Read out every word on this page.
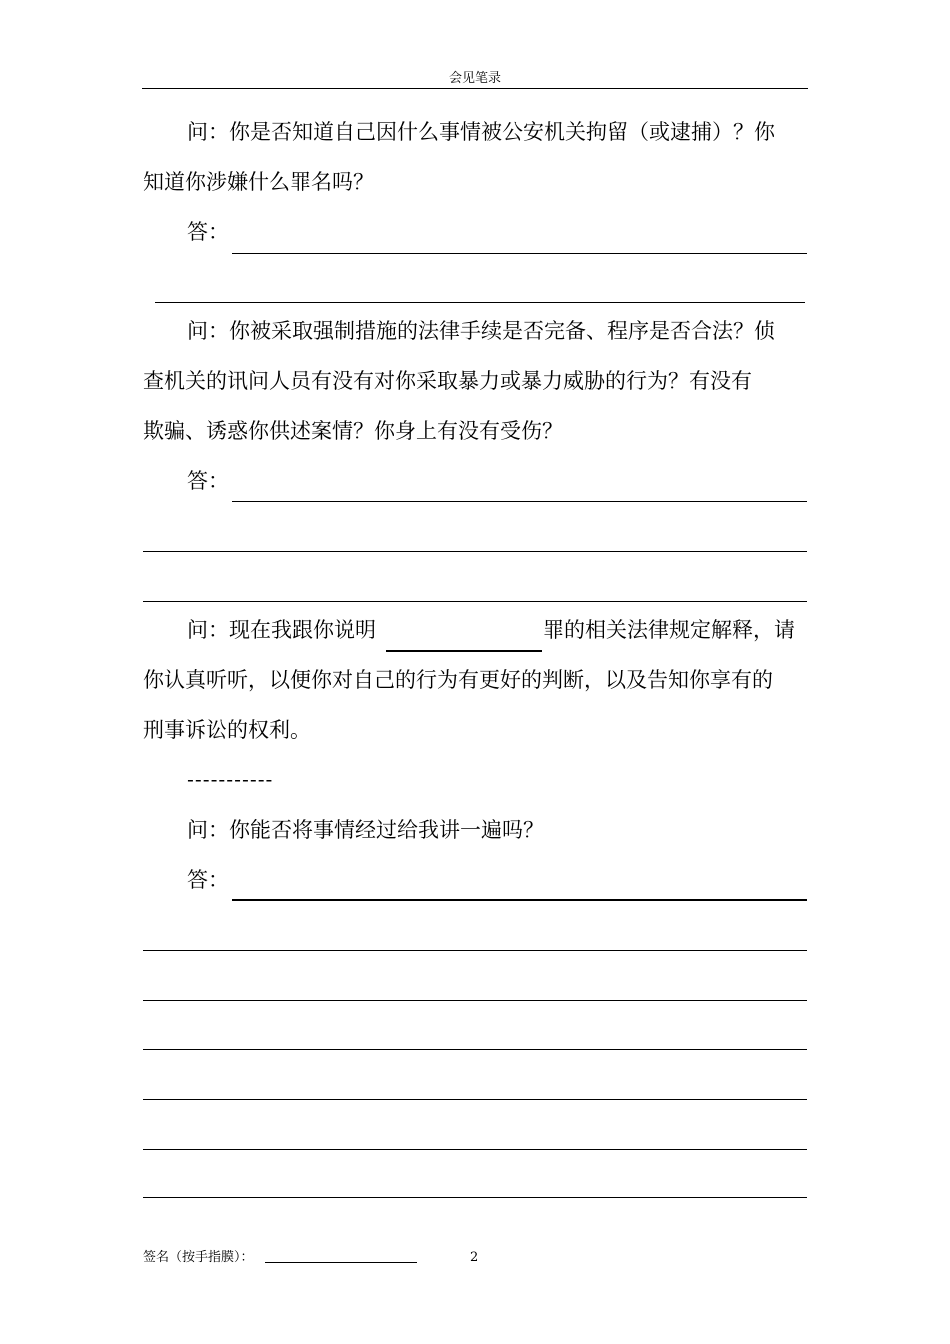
会见笔录
问：你是否知道自己因什么事情被公安机关拘留（或逮捕）？你
知道你涉嫌什么罪名吗？
答：
问：你被采取强制措施的法律手续是否完备、程序是否合法？侦
查机关的讯问人员有没有对你采取暴力或暴力威胁的行为？有没有
欺骗、诱惑你供述案情？你身上有没有受伤？
答：
问：现在我跟你说明	罪的相关法律规定解释，请
你认真听听，以便你对自己的行为有更好的判断，以及告知你享有的
刑事诉讼的权利。
-----------
问：你能否将事情经过给我讲一遍吗？
答：
签名（按手指膜）：	2
